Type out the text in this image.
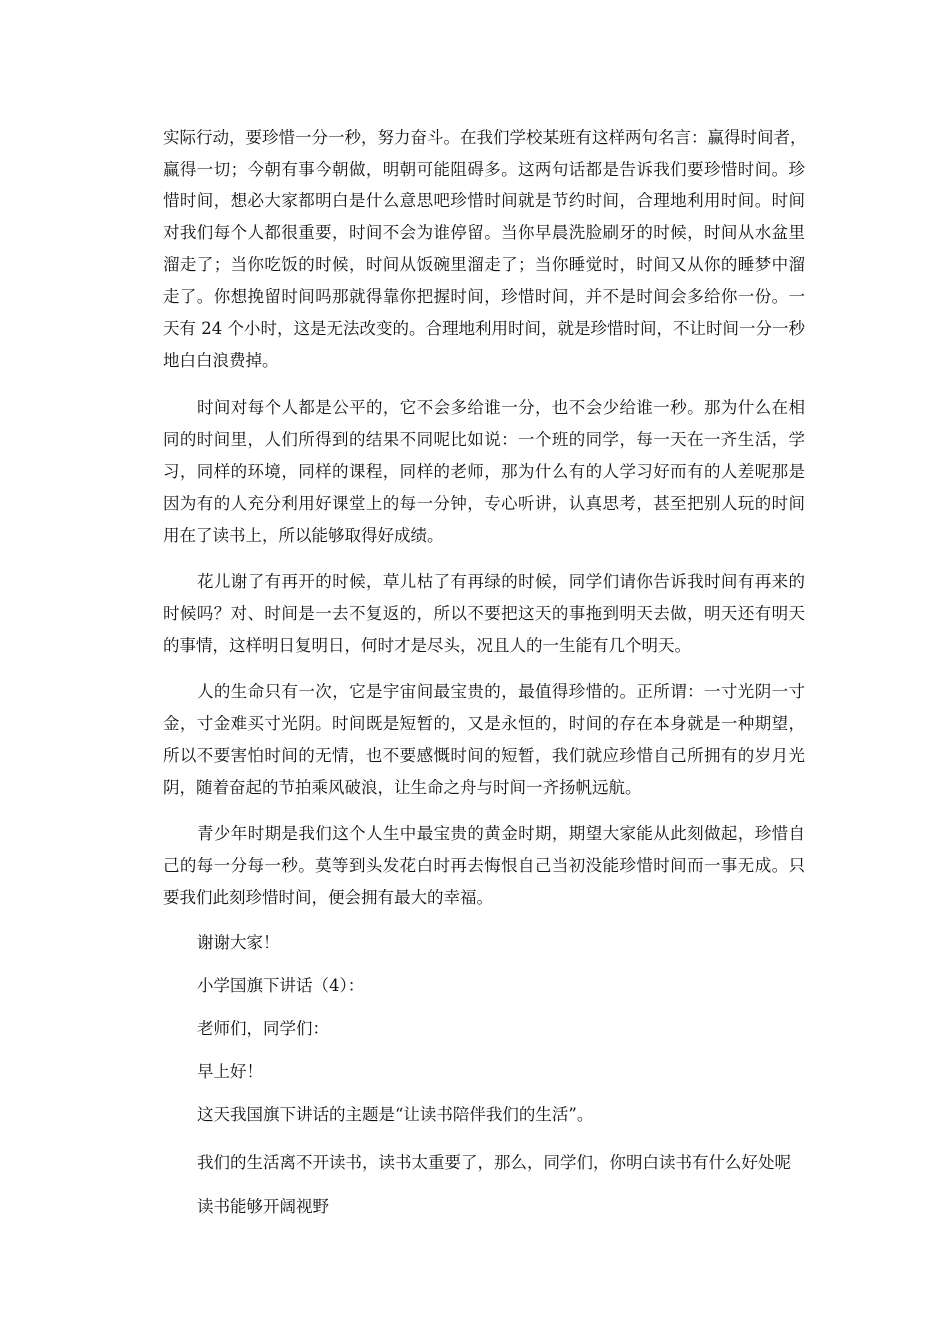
实际行动，要珍惜一分一秒，努力奋斗。在我们学校某班有这样两句名言：赢得时间者，
赢得一切；今朝有事今朝做，明朝可能阻碍多。这两句话都是告诉我们要珍惜时间。珍
惜时间，想必大家都明白是什么意思吧珍惜时间就是节约时间，合理地利用时间。时间
对我们每个人都很重要，时间不会为谁停留。当你早晨洗脸刷牙的时候，时间从水盆里
溜走了；当你吃饭的时候，时间从饭碗里溜走了；当你睡觉时，时间又从你的睡梦中溜
走了。你想挽留时间吗那就得靠你把握时间，珍惜时间，并不是时间会多给你一份。一
天有 24 个小时，这是无法改变的。合理地利用时间，就是珍惜时间，不让时间一分一秒
地白白浪费掉。
时间对每个人都是公平的，它不会多给谁一分，也不会少给谁一秒。那为什么在相
同的时间里，人们所得到的结果不同呢比如说：一个班的同学，每一天在一齐生活，学
习，同样的环境，同样的课程，同样的老师，那为什么有的人学习好而有的人差呢那是
因为有的人充分利用好课堂上的每一分钟，专心听讲，认真思考，甚至把别人玩的时间
用在了读书上，所以能够取得好成绩。
花儿谢了有再开的时候，草儿枯了有再绿的时候，同学们请你告诉我时间有再来的
时候吗？对、时间是一去不复返的，所以不要把这天的事拖到明天去做，明天还有明天
的事情，这样明日复明日，何时才是尽头，况且人的一生能有几个明天。
人的生命只有一次，它是宇宙间最宝贵的，最值得珍惜的。正所谓：一寸光阴一寸
金，寸金难买寸光阴。时间既是短暂的，又是永恒的，时间的存在本身就是一种期望，
所以不要害怕时间的无情，也不要感慨时间的短暂，我们就应珍惜自己所拥有的岁月光
阴，随着奋起的节拍乘风破浪，让生命之舟与时间一齐扬帆远航。
青少年时期是我们这个人生中最宝贵的黄金时期，期望大家能从此刻做起，珍惜自
己的每一分每一秒。莫等到头发花白时再去悔恨自己当初没能珍惜时间而一事无成。只
要我们此刻珍惜时间，便会拥有最大的幸福。
谢谢大家！
小学国旗下讲话（4）：
老师们，同学们：
早上好！
这天我国旗下讲话的主题是“让读书陪伴我们的生活”。
我们的生活离不开读书，读书太重要了，那么，同学们，你明白读书有什么好处呢
读书能够开阔视野
